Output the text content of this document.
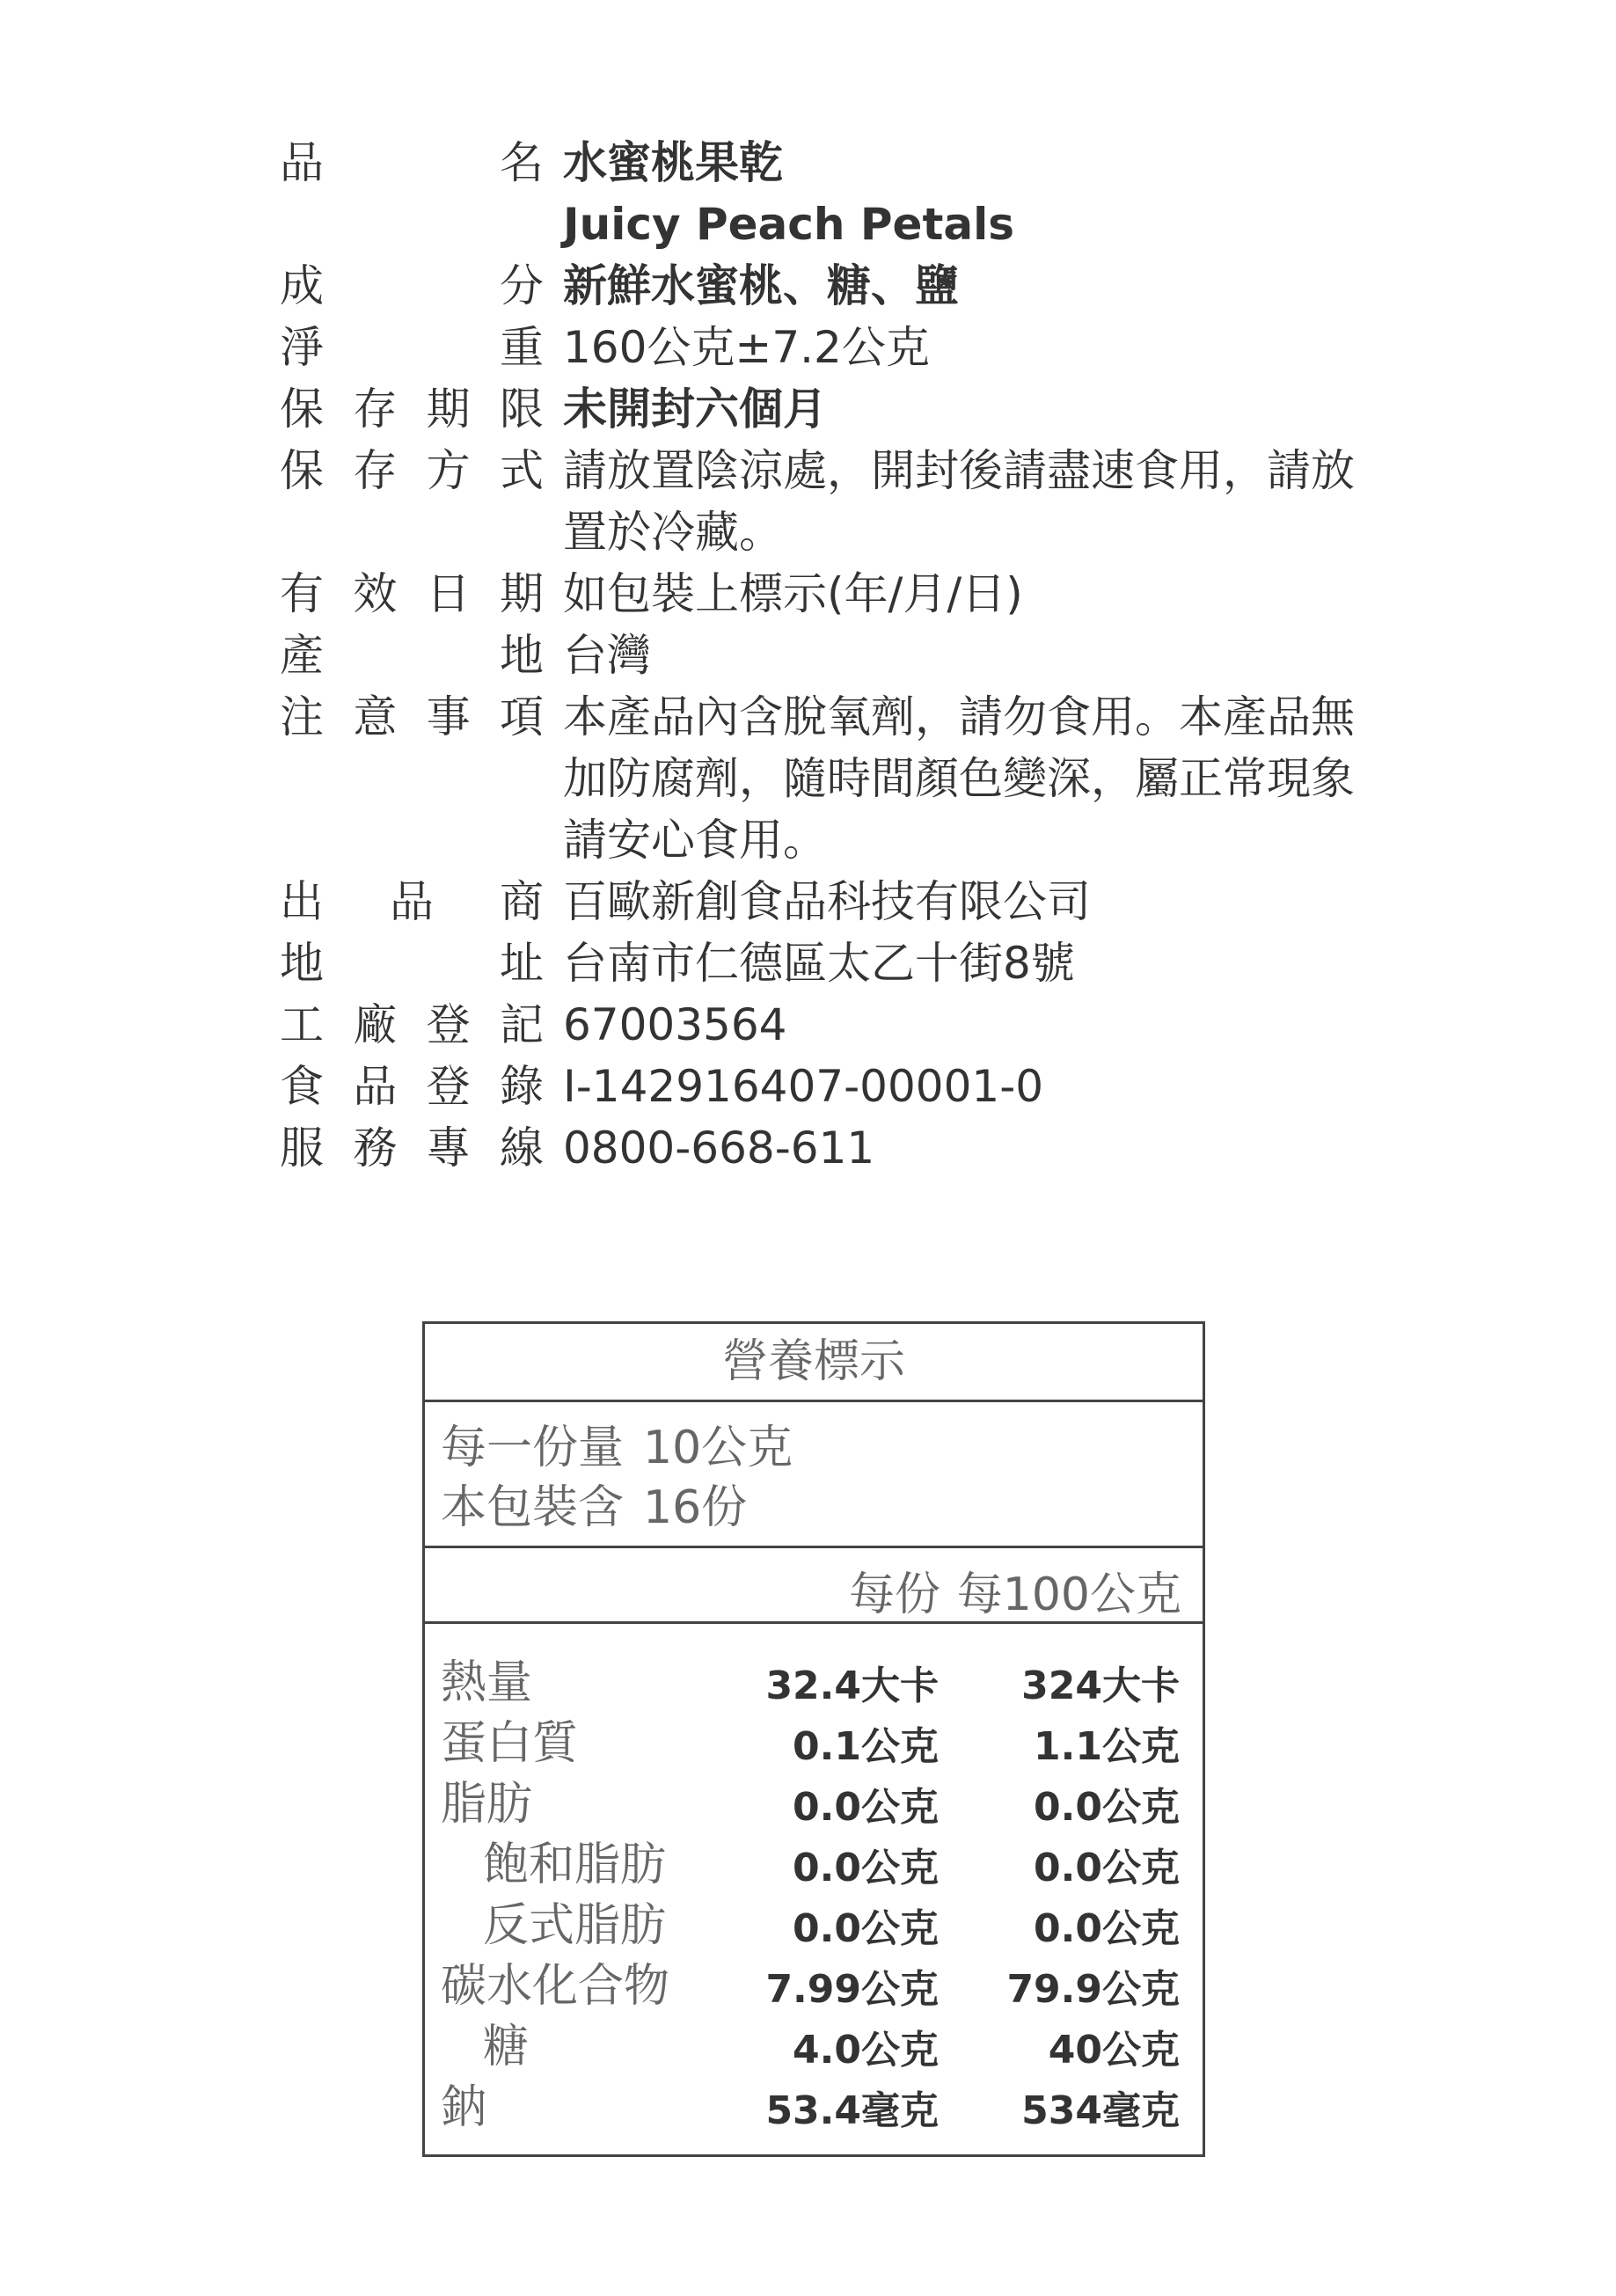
品	名 水蜜桃果乾
Juicy Peach Petals
成	分 新鮮水蜜桃、糖、鹽
淨	重 160公克±7.2公克
保 存 期 限 未開封六個月
保 存 方 式 請放置陰涼處，開封後請盡速食用，請放
置於冷藏。
有 效 日 期 如包裝上標示(年/月/日)
產	地 台灣
注 意 事 項 本產品內含脫氧劑，請勿食用。本產品無
加防腐劑，隨時間顏色變深，屬正常現象
請安心食用。
出 品 商 百歐新創食品科技有限公司
地	址 台南市仁德區太乙十街8號
工 廠 登 記 67003564
食 品 登 錄 I-142916407-00001-0
服 務 專 線 0800-668-611
營養標示
每一份量 10公克
本包裝含 16份
每份 每100公克
熱量	32.4大卡 324大卡
蛋白質	0.1公克 1.1公克
脂肪	0.0公克 0.0公克
飽和脂肪	0.0公克 0.0公克
反式脂肪	0.0公克 0.0公克
碳水化合物 7.99公克 79.9公克
糖	4.0公克	40公克
鈉	53.4毫克 534毫克
